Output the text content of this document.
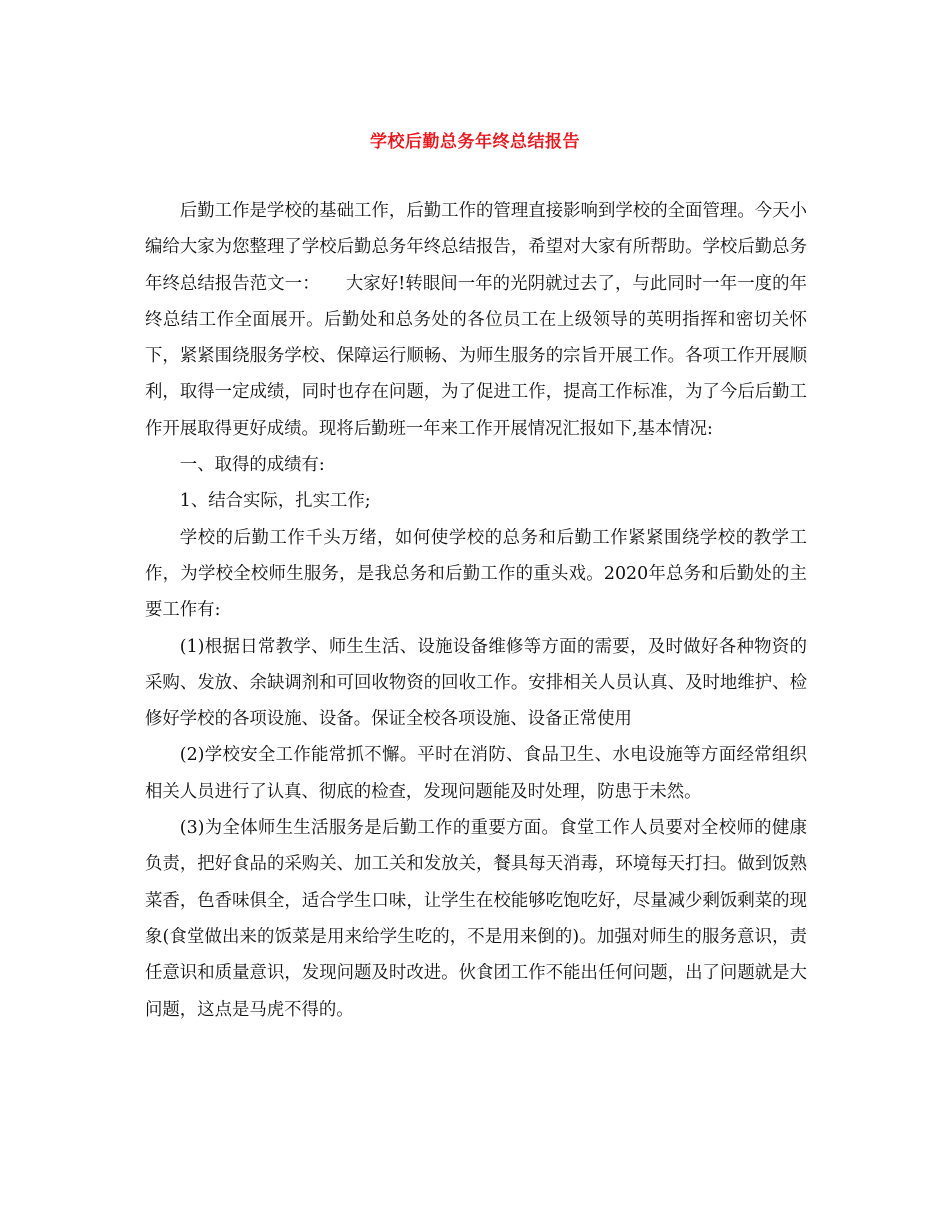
学校后勤总务年终总结报告

后勤工作是学校的基础工作，后勤工作的管理直接影响到学校的全面管理。今天小编给大家为您整理了学校后勤总务年终总结报告，希望对大家有所帮助。学校后勤总务年终总结报告范文一：　　大家好!转眼间一年的光阴就过去了，与此同时一年一度的年终总结工作全面展开。后勤处和总务处的各位员工在上级领导的英明指挥和密切关怀下，紧紧围绕服务学校、保障运行顺畅、为师生服务的宗旨开展工作。各项工作开展顺利，取得一定成绩，同时也存在问题，为了促进工作，提高工作标准，为了今后后勤工作开展取得更好成绩。现将后勤班一年来工作开展情况汇报如下,基本情况:

一、取得的成绩有:

1、结合实际，扎实工作;

学校的后勤工作千头万绪，如何使学校的总务和后勤工作紧紧围绕学校的教学工作，为学校全校师生服务，是我总务和后勤工作的重头戏。2020年总务和后勤处的主要工作有:

(1)根据日常教学、师生生活、设施设备维修等方面的需要，及时做好各种物资的采购、发放、余缺调剂和可回收物资的回收工作。安排相关人员认真、及时地维护、检修好学校的各项设施、设备。保证全校各项设施、设备正常使用

(2)学校安全工作能常抓不懈。平时在消防、食品卫生、水电设施等方面经常组织相关人员进行了认真、彻底的检查，发现问题能及时处理，防患于未然。

(3)为全体师生生活服务是后勤工作的重要方面。食堂工作人员要对全校师的健康负责，把好食品的采购关、加工关和发放关，餐具每天消毒，环境每天打扫。做到饭熟菜香，色香味俱全，适合学生口味，让学生在校能够吃饱吃好，尽量减少剩饭剩菜的现象(食堂做出来的饭菜是用来给学生吃的，不是用来倒的)。加强对师生的服务意识，责任意识和质量意识，发现问题及时改进。伙食团工作不能出任何问题，出了问题就是大问题，这点是马虎不得的。
